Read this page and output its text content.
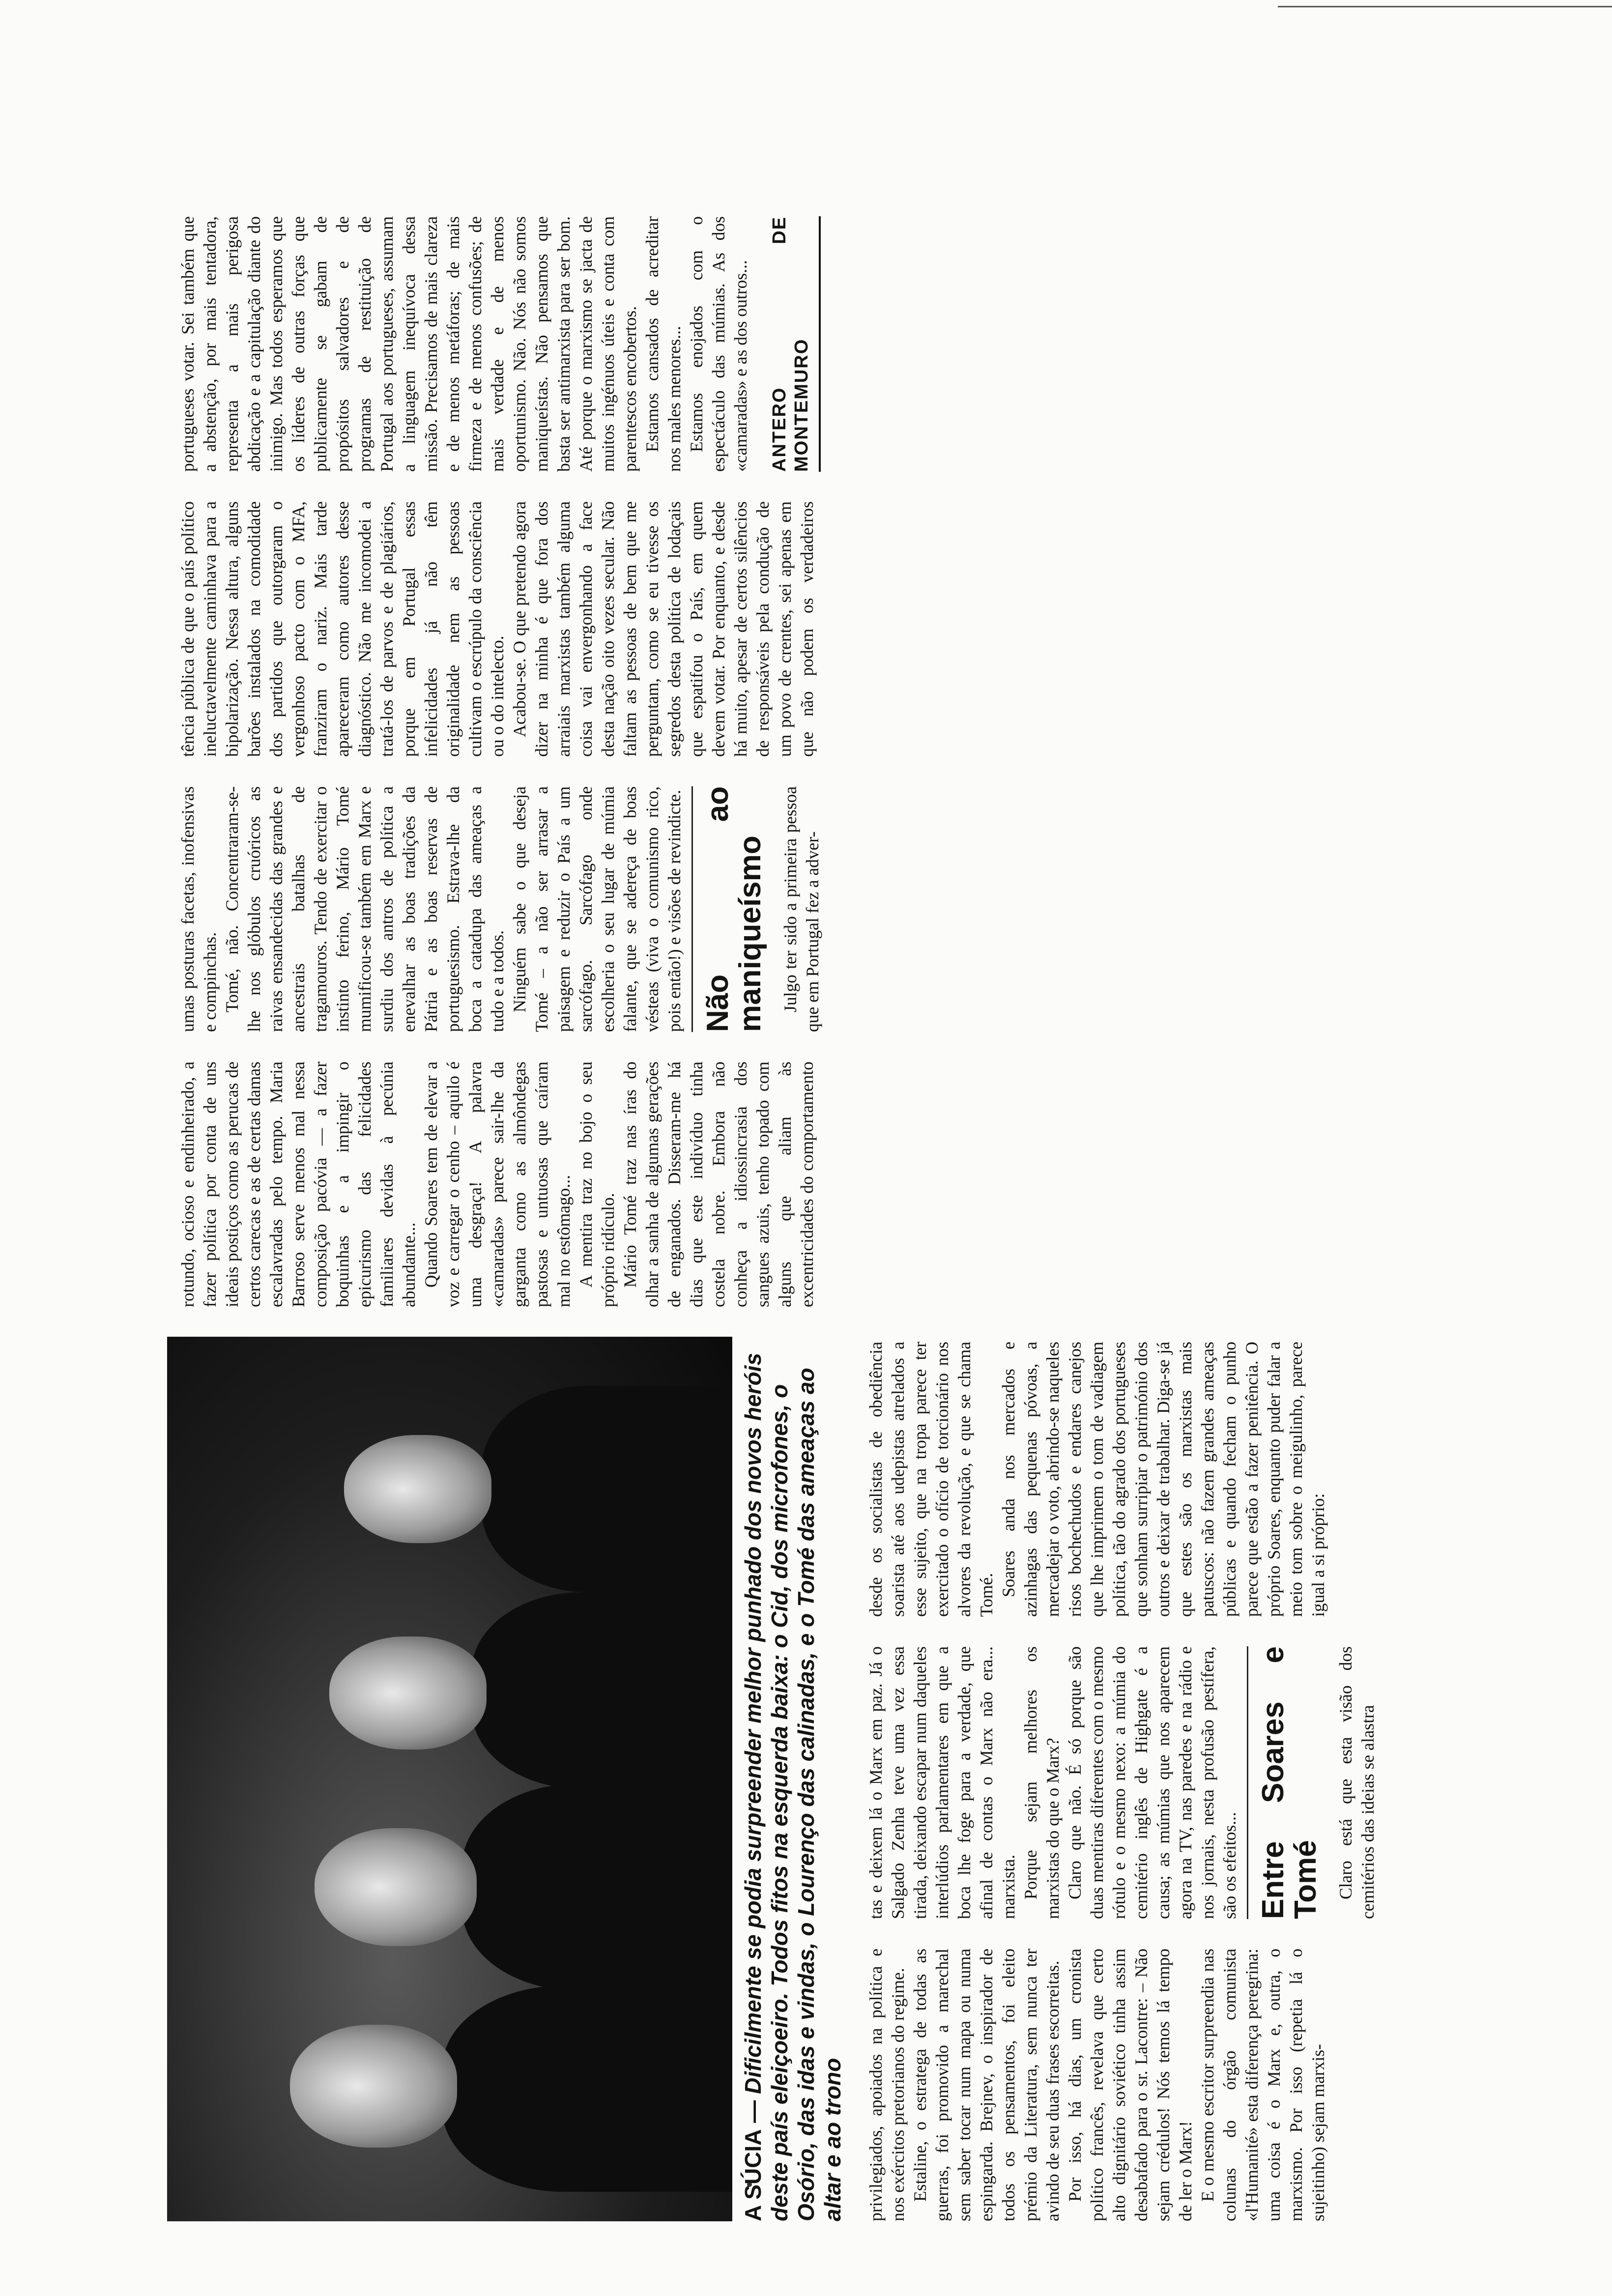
A SÚCIA — Dificilmente se podia surpreender melhor punhado dos novos heróis deste país eleiçoeiro. Todos fitos na esquerda baixa: o Cid, dos microfones, o Osório, das idas e vindas, o Lourenço das calinadas, e o Tomé das ameaças ao altar e ao trono privilegiados, apoiados na política e nos exércitos pretorianos do regime. Estaline, o estratega de todas as guerras, foi promovido a marechal sem saber tocar num mapa ou numa espingarda. Brejnev, o inspirador de todos os pensamentos, foi eleito prémio da Literatura, sem nunca ter avindo de seu duas frases escorreitas. Por isso, há dias, um cronista político francês, revelava que certo alto dignitário soviético tinha assim desabafado para o sr. Lacontre: – Não sejam crédulos! Nós temos lá tempo de ler o Marx! E o mesmo escritor surpreendia nas colunas do órgão comunista «l'Humanité» esta diferença peregrina: uma coisa é o Marx e, outra, o marxismo. Por isso (repetia lá o sujeitinho) sejam marxis-

tas e deixem lá o Marx em paz. Já o Salgado Zenha teve uma vez essa tirada, deixando escapar num daqueles interlúdios parlamentares em que a boca lhe foge para a verdade, que afinal de contas o Marx não era... marxista. Porque sejam melhores os marxistas do que o Marx? Claro que não. É só porque são duas mentiras diferentes com o mesmo rótulo e o mesmo nexo: a múmia do cemitério inglês de Highgate é a causa; as múmias que nos aparecem agora na TV, nas paredes e na rádio e nos jornais, nesta profusão pestífera, são os efeitos... Entre Soares e Tomé Claro está que esta visão dos cemitérios das ideias se alastra

desde os socialistas de obediência soarista até aos udepistas atrelados a esse sujeito, que na tropa parece ter exercitado o ofício de torcionário nos alvores da revolução, e que se chama Tomé. Soares anda nos mercados e azinhagas das pequenas póvoas, a mercadejar o voto, abrindo-se naqueles risos bochechudos e endares canejos que lhe imprimem o tom de vadiagem política, tão do agrado dos portugueses que sonham surripiar o património dos outros e deixar de trabalhar. Diga-se já que estes são os marxistas mais patuscos: não fazem grandes ameaças públicas e quando fecham o punho parece que estão a fazer penitência. O próprio Soares, enquanto puder falar a meio tom sobre o meigulinho, parece igual a si próprio:

rotundo, ocioso e endinheirado, a fazer política por conta de uns ideais postiços como as perucas de certos carecas e as de certas damas escalavradas pelo tempo. Maria Barroso serve menos mal nessa composição pacóvia — a fazer boquinhas e a impingir o epicurismo das felicidades familiares devidas à pecúnia abundante... Quando Soares tem de elevar a voz e carregar o cenho – aquilo é uma desgraça! A palavra «camaradas» parece sair-lhe da garganta como as almôndegas pastosas e untuosas que caíram mal no estômago... A mentira traz no bojo o seu próprio ridículo. Mário Tomé traz nas íras do olhar a sanha de algumas gerações de enganados. Disseram-me há dias que este indivíduo tinha costela nobre. Embora não conheça a idiossincrasia dos sangues azuis, tenho topado com alguns que aliam às excentricidades do comportamento umas posturas facetas, inofensivas e compinchas. Tomé, não. Concentraram-se-lhe nos glóbulos cruóricos as raivas ensandecidas das grandes e ancestrais batalhas de tragamouros. Tendo de exercitar o instinto ferino, Mário Tomé mumificou-se também em Marx e surdiu dos antros de política a enevalhar as boas tradições da Pátria e as boas reservas de portuguesismo. Estrava-lhe da boca a catadupa das ameaças a tudo e a todos. Ninguém sabe o que deseja Tomé – a não ser arrasar a paisagem e reduzir o País a um sarcófago. Sarcófago onde escolheria o seu lugar de múmia falante, que se adereça de boas vésteas (viva o comunismo rico, pois então!) e visões de revindicte. Não ao maniqueísmo Julgo ter sido a primeira pessoa que em Portugal fez a adver-

tência pública de que o país político ineluctavelmente caminhava para a bipolarização. Nessa altura, alguns barões instalados na comodidade dos partidos que outorgaram o vergonhoso pacto com o MFA, franziram o nariz. Mais tarde apareceram como autores desse diagnóstico. Não me incomodei a tratá-los de parvos e de plagiários, porque em Portugal essas infelicidades já não têm originalidade nem as pessoas cultivam o escrúpulo da consciência ou o do intelecto. Acabou-se. O que pretendo agora dizer na minha é que fora dos arraiais marxistas também alguma coisa vai envergonhando a face desta nação oito vezes secular. Não faltam as pessoas de bem que me perguntam, como se eu tivesse os segredos desta política de lodaçais que espatifou o País, em quem devem votar. Por enquanto, e desde há muito, apesar de certos silêncios de responsáveis pela condução de um povo de crentes, sei apenas em que não podem os verdadeiros portugueses votar. Sei também que a abstenção, por mais tentadora, representa a mais perigosa abdicação e a capitulação diante do inimigo. Mas todos esperamos que os líderes de outras forças que publicamente se gabam de propósitos salvadores e de programas de restituição de Portugal aos portugueses, assumam a linguagem inequívoca dessa missão. Precisamos de mais clareza e de menos metáforas; de mais firmeza e de menos confusões; de mais verdade e de menos oportunismo. Não. Nós não somos maniqueístas. Não pensamos que basta ser antimarxista para ser bom. Até porque o marxismo se jacta de muitos ingénuos úteis e conta com parentescos encobertos. Estamos cansados de acreditar nos males menores... Estamos enojados com o espectáculo das múmias. As dos «camaradas» e as dos outros... ANTERO DE MONTEMURO
